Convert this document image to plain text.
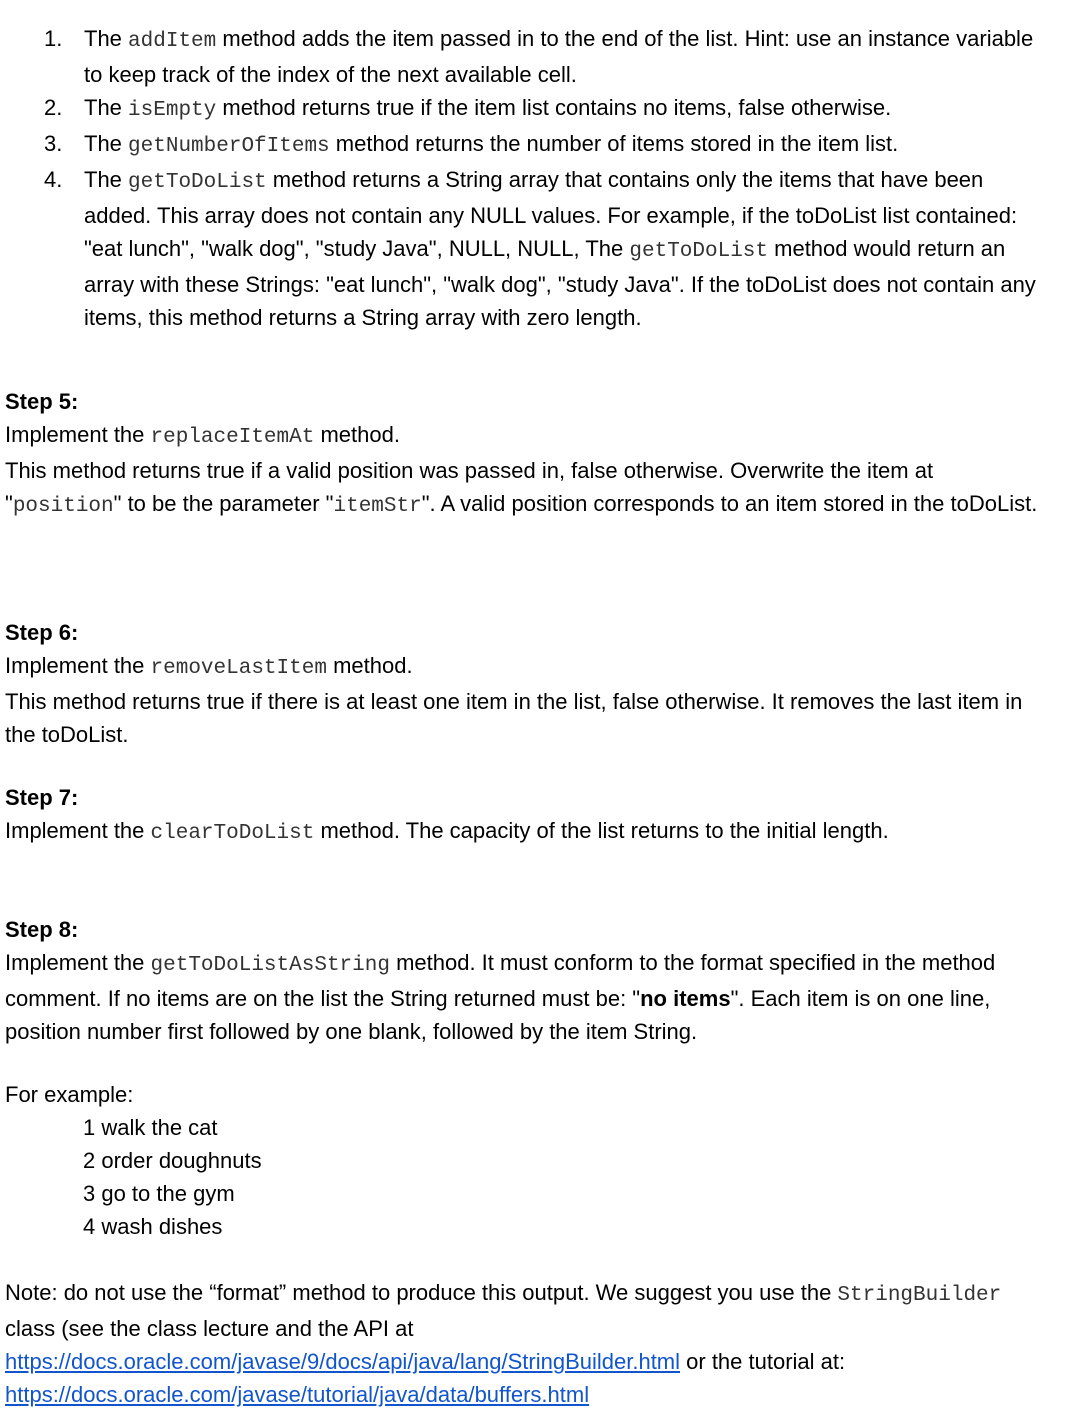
1. The addItem method adds the item passed in to the end of the list. Hint: use an instance variable to keep track of the index of the next available cell.
2. The isEmpty method returns true if the item list contains no items, false otherwise.
3. The getNumberOfItems method returns the number of items stored in the item list.
4. The getToDoList method returns a String array that contains only the items that have been added. This array does not contain any NULL values. For example, if the toDoList list contained: "eat lunch", "walk dog", "study Java", NULL, NULL, The getToDoList method would return an array with these Strings: "eat lunch", "walk dog", "study Java". If the toDoList does not contain any items, this method returns a String array with zero length.
Step 5:
Implement the replaceItemAt method.
This method returns true if a valid position was passed in, false otherwise. Overwrite the item at "position" to be the parameter "itemStr". A valid position corresponds to an item stored in the toDoList.
Step 6:
Implement the removeLastItem method.
This method returns true if there is at least one item in the list, false otherwise. It removes the last item in the toDoList.
Step 7:
Implement the clearToDoList method. The capacity of the list returns to the initial length.
Step 8:
Implement the getToDoListAsString method. It must conform to the format specified in the method comment. If no items are on the list the String returned must be: "no items". Each item is on one line, position number first followed by one blank, followed by the item String.
For example:
1 walk the cat
2 order doughnuts
3 go to the gym
4 wash dishes
Note: do not use the “format” method to produce this output. We suggest you use the StringBuilder class (see the class lecture and the API at https://docs.oracle.com/javase/9/docs/api/java/lang/StringBuilder.html or the tutorial at: https://docs.oracle.com/javase/tutorial/java/data/buffers.html
